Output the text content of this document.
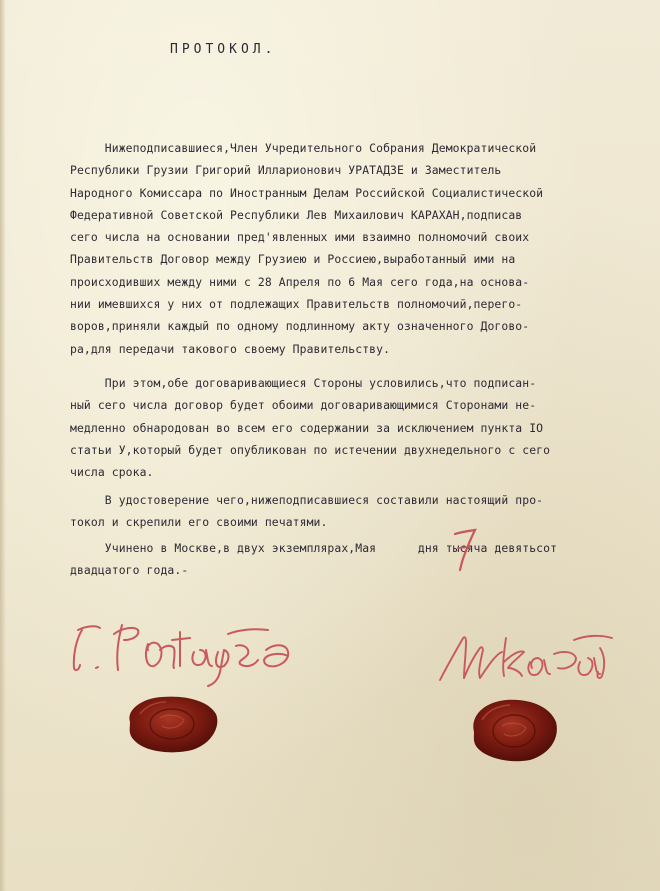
ПРОТОКОЛ.
Нижеподписавшиеся,Член Учредительного Собрания Демократической
Республики Грузии Григорий Илларионович УРАТАДЗЕ и Заместитель
Народного Комиссара по Иностранным Делам Российской Социалистической
Федеративной Советской Республики Лев Михаилович КАРАХАН,подписав
сего числа на основании пред'явленных ими взаимно полномочий своих
Правительств Договор между Грузиею и Россиею,выработанный ими на
происходивших между ними с 28 Апреля по 6 Мая сего года,на основа-
нии имевшихся у них от подлежащих Правительств полномочий,перего-
воров,приняли каждый по одному подлинному акту означенного Догово-
ра,для передачи такового своему Правительству.
При этом,обе договаривающиеся Стороны условились,что подписан-
ный сего числа договор будет обоими договаривающимися Сторонами не-
медленно обнародован во всем его содержании за исключением пункта IO
статьи У,который будет опубликован по истечении двухнедельного с сего
числа срока.
В удостоверение чего,нижеподписавшиеся составили настоящий про-
токол и скрепили его своими печатями.
Учинено в Москве,в двух экземплярах,Мая      дня тысяча девятьсот
двадцатого года.-
